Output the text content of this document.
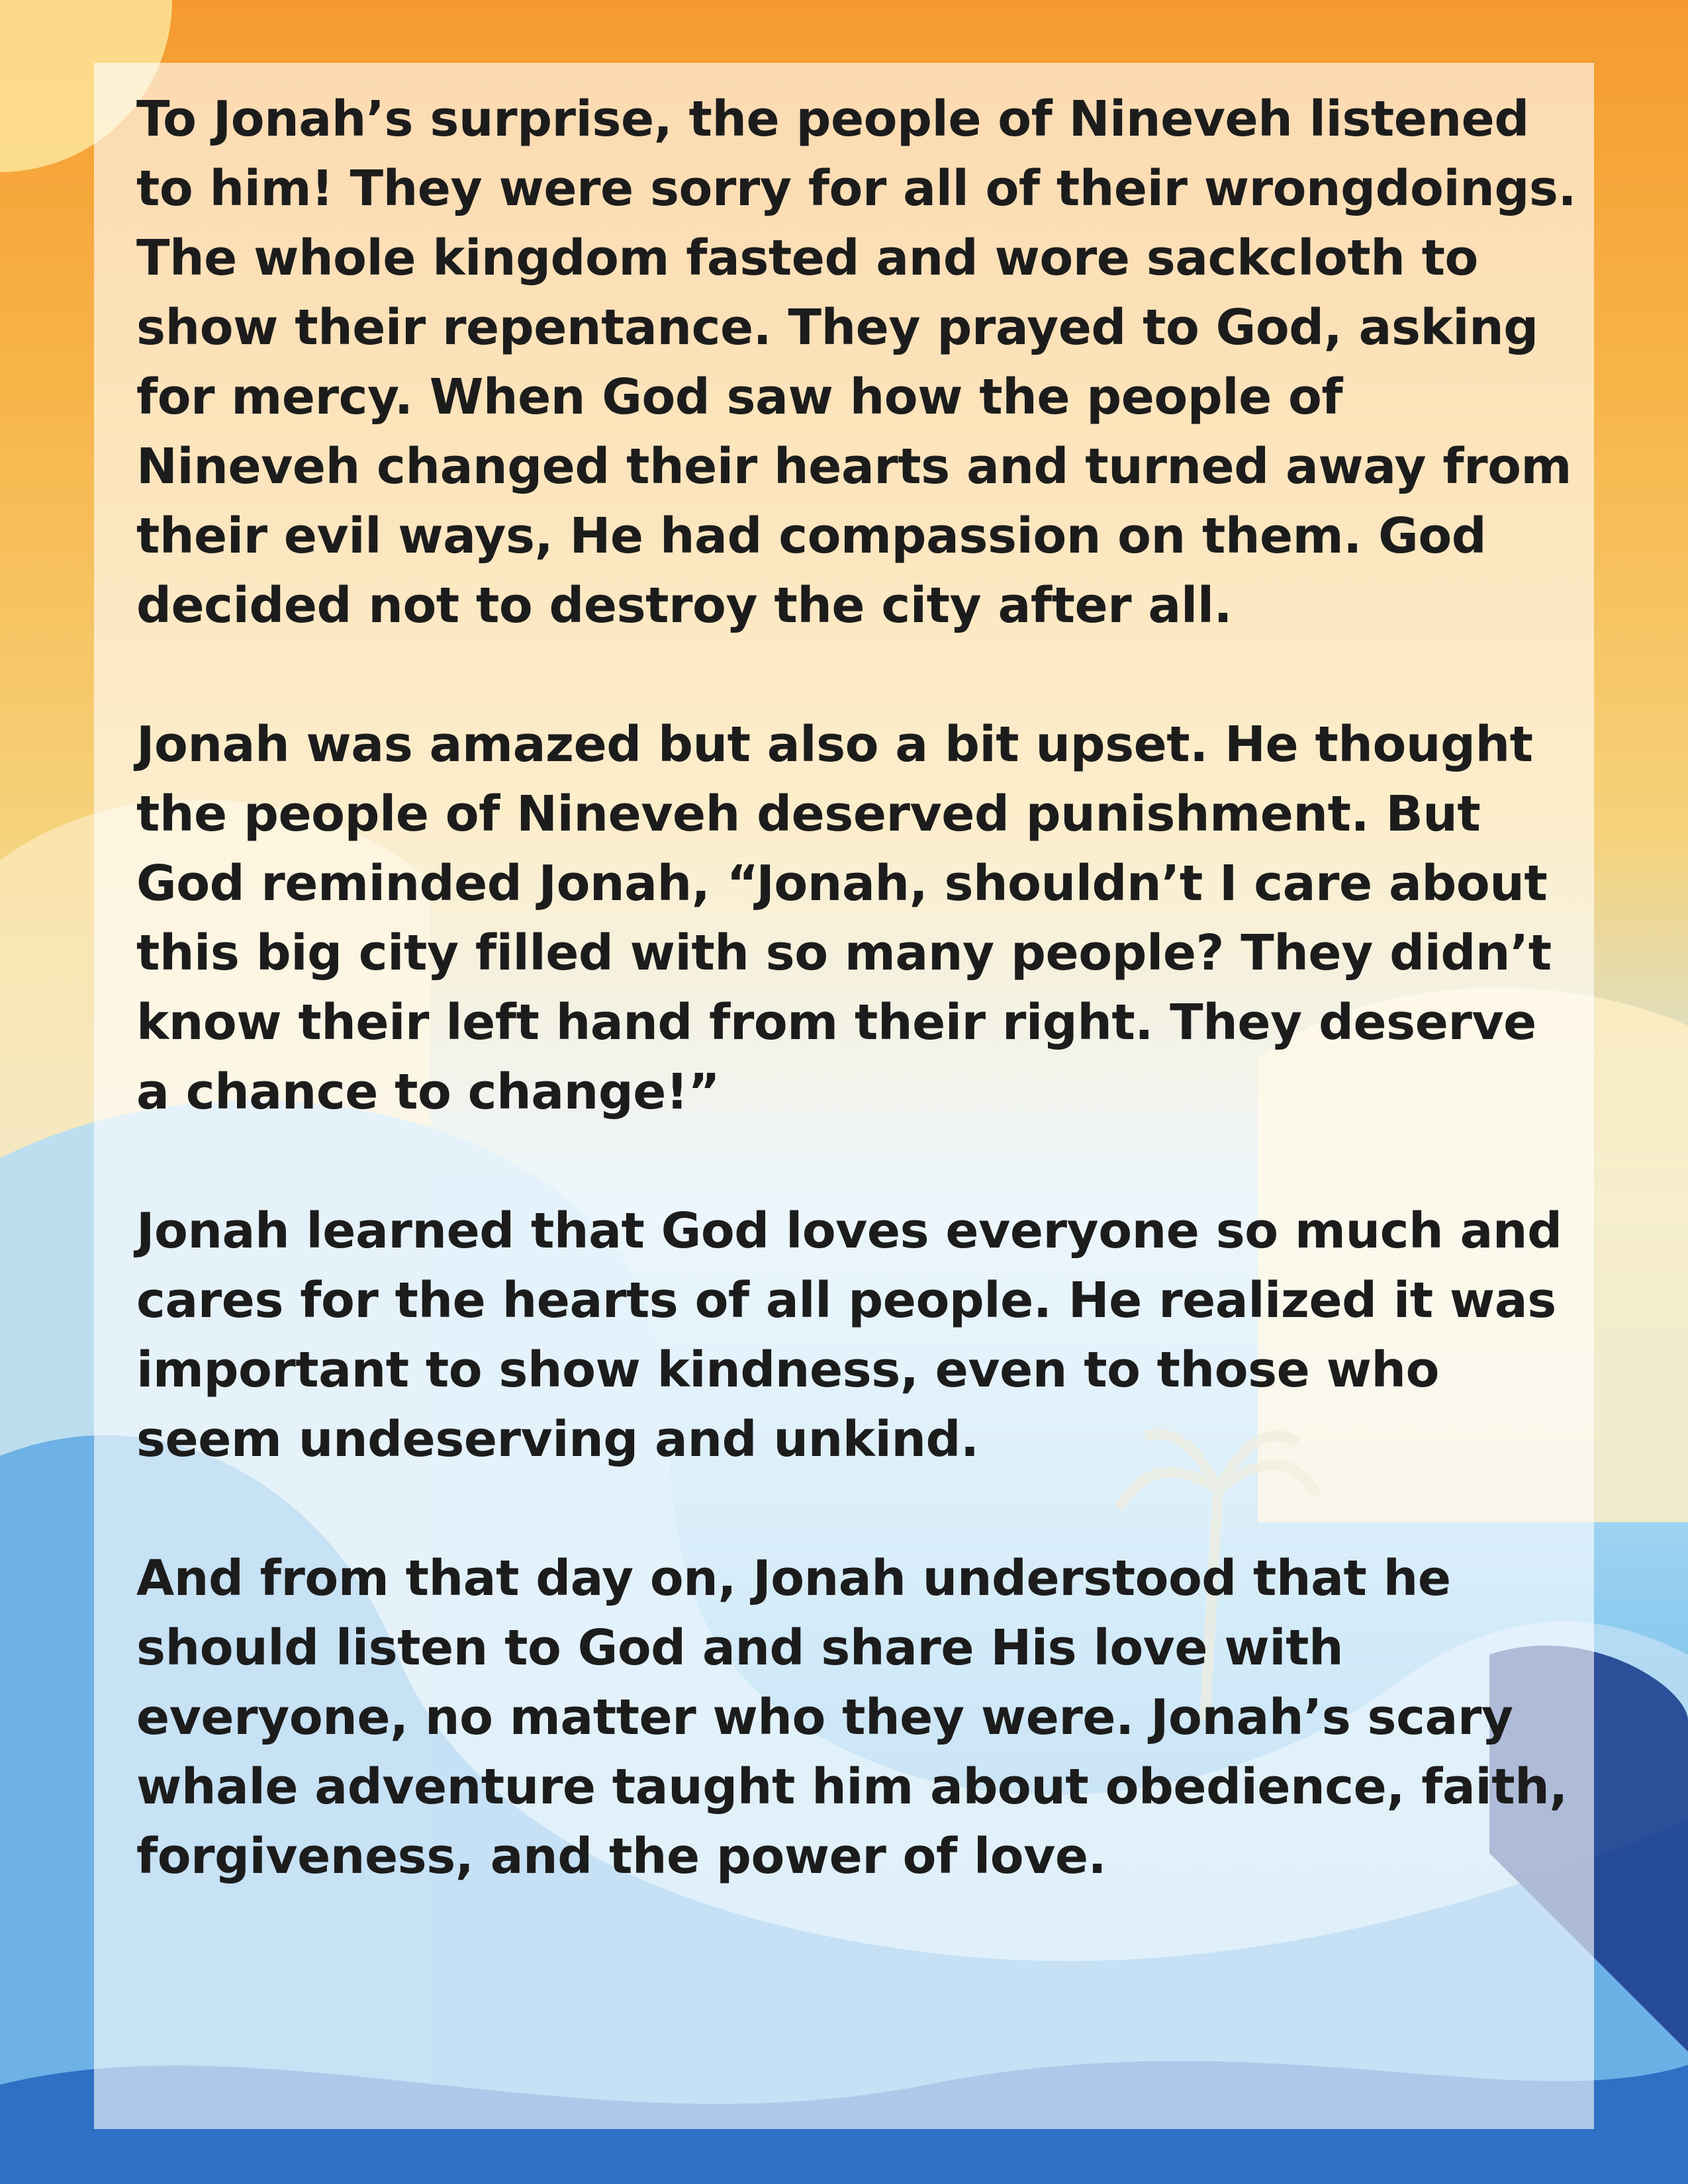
To Jonah’s surprise, the people of Nineveh listened to him! They were sorry for all of their wrongdoings. The whole kingdom fasted and wore sackcloth to show their repentance. They prayed to God, asking for mercy. When God saw how the people of Nineveh changed their hearts and turned away from their evil ways, He had compassion on them. God decided not to destroy the city after all.

Jonah was amazed but also a bit upset. He thought the people of Nineveh deserved punishment. But God reminded Jonah, “Jonah, shouldn’t I care about this big city filled with so many people? They didn’t know their left hand from their right. They deserve a chance to change!”

Jonah learned that God loves everyone so much and cares for the hearts of all people. He realized it was important to show kindness, even to those who seem undeserving and unkind.

And from that day on, Jonah understood that he should listen to God and share His love with everyone, no matter who they were. Jonah’s scary whale adventure taught him about obedience, faith, forgiveness, and the power of love.
